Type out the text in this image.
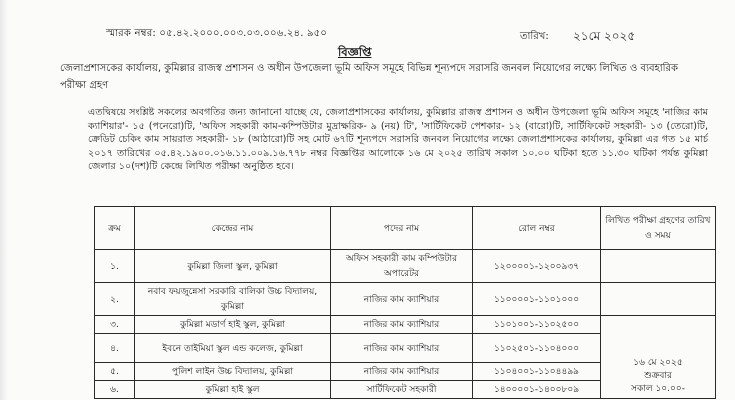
স্মারক নম্বর: ০৫.৪২.২০০০.০০৩.০৩.০০৬.২৪. ৯৫০	তারিখ: ২১মে ২০২৫
বিজ্ঞপ্তি
জেলাপ্রশাসকের কার্যালয়, কুমিল্লার রাজস্ব প্রশাসন ও অধীন উপজেলা ভূমি অফিস সমূহে বিভিন্ন শূন্যপদে সরাসরি জনবল নিয়োগের লক্ষ্যে লিখিত ও ব্যবহারিক পরীক্ষা গ্রহণ
এতদ্বিষয়ে সংশ্লিষ্ট সকলের অবগতির জন্য জানানো যাচ্ছে যে, জেলাপ্রশাসকের কার্যালয়, কুমিল্লার রাজস্ব প্রশাসন ও অধীন উপজেলা ভূমি অফিস সমূহে 'নাজির কাম ক্যাশিয়ার'- ১৫ (পনেরো)টি, 'অফিস সহকারী কাম-কম্পিউটার মুদ্রাক্ষরিক- ৯ (নয়) টি', 'সার্টিফিকেট পেশকার- ১২ (বারো)টি, সার্টিফিকেট সহকারী- ১৩ (তেরো)টি, ক্রেডিট চেকিং কাম সায়রাত সহকারী- ১৮ (আঠারো)টি সহ মোট ৬৭টি শূন্যপদে সরাসরি জনবল নিয়োগের লক্ষ্যে জেলাপ্রশাসকের কার্যালয়, কুমিল্লা এর গত ১৫ মার্চ ২০১৭ তারিখের ০৫.৪২.১৯০০.০১৬.১১.০০৯.১৬.৭৭৮ নম্বর বিজ্ঞপ্তির আলোকে ১৬ মে ২০২৫ তারিখ সকাল ১০.০০ ঘটিকা হতে ১১.৩০ ঘটিকা পর্যন্ত কুমিল্লা জেলার ১০(দশ)টি কেন্দ্রে লিখিত পরীক্ষা অনুষ্ঠিত হবে।
ক্রম	কেন্দ্রের নাম	পদের নাম	রোল নম্বর	লিখিত পরীক্ষা গ্রহণের তারিখ ও সময়
১.	কুমিল্লা জিলা স্কুল, কুমিল্লা	অফিস সহকারী কাম কম্পিউটার অপারেটর	১২০০০০১-১২০০৯৩৭	
২.	নবাব ফয়জুন্নেসা সরকারি বালিকা উচ্চ বিদ্যালয়, কুমিল্লা	নাজির কাম ক্যাশিয়ার	১১০০০০১-১১০১০০০	
৩.	কুমিল্লা মডার্ণ হাই স্কুল, কুমিল্লা	নাজির কাম ক্যাশিয়ার	১১০১০০১-১১০২৫০০	১৬ মে ২০২৫
শুক্রবার
সকাল ১০.০০-

৪.	ইবনে তাইমিয়া স্কুল এন্ড কলেজ, কুমিল্লা	নাজির কাম ক্যাশিয়ার	১১০২৫০১-১১০৪০০০	
৫.	পুলিশ লাইন উচ্চ বিদ্যালয়, কুমিল্লা	নাজির কাম ক্যাশিয়ার	১১০৪০০১-১১০৪৪৯৯	
৬.	কুমিল্লা হাই স্কুল	সার্টিফিকেট সহকারী	১৪০০০০১-১৪০০৮০৯	
